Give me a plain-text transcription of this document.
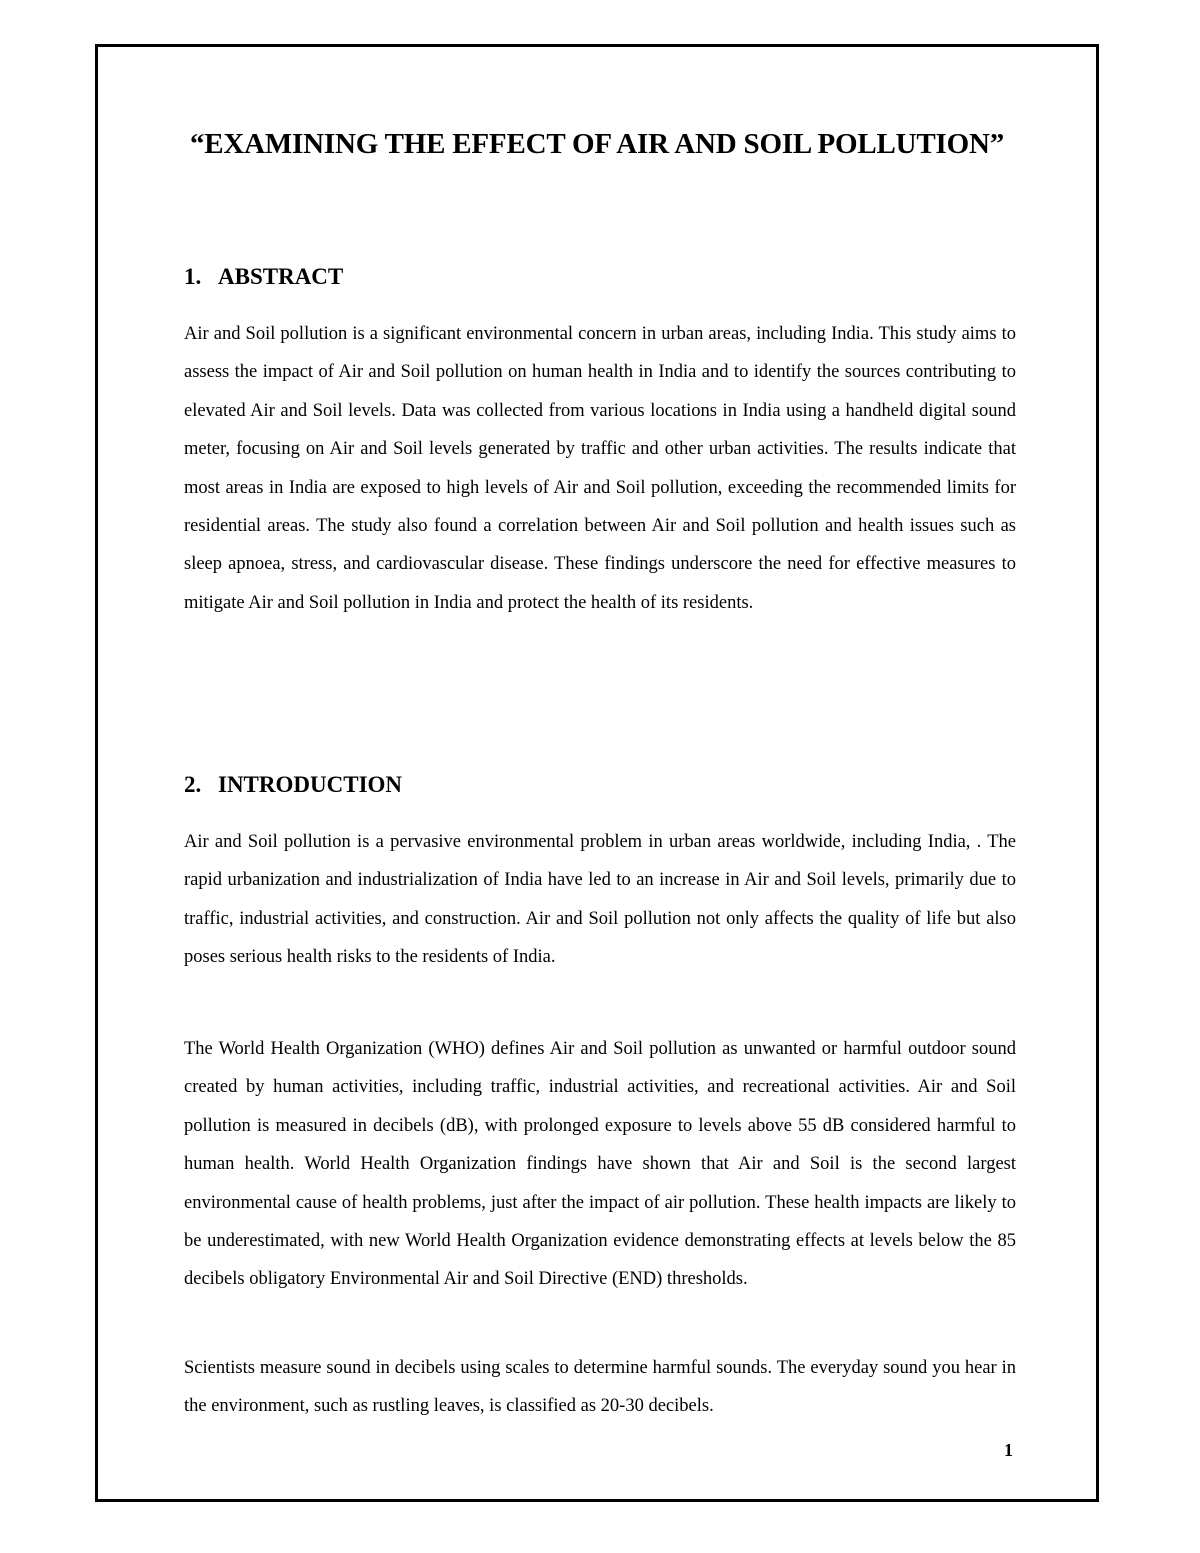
“EXAMINING THE EFFECT OF AIR AND SOIL POLLUTION”
1. ABSTRACT

Air and Soil pollution is a significant environmental concern in urban areas, including India. This study aims to assess the impact of Air and Soil pollution on human health in India and to identify the sources contributing to elevated Air and Soil levels. Data was collected from various locations in India using a handheld digital sound meter, focusing on Air and Soil levels generated by traffic and other urban activities. The results indicate that most areas in India are exposed to high levels of Air and Soil pollution, exceeding the recommended limits for residential areas. The study also found a correlation between Air and Soil pollution and health issues such as sleep apnoea, stress, and cardiovascular disease. These findings underscore the need for effective measures to mitigate Air and Soil pollution in India and protect the health of its residents.

2. INTRODUCTION

Air and Soil pollution is a pervasive environmental problem in urban areas worldwide, including India, . The rapid urbanization and industrialization of India have led to an increase in Air and Soil levels, primarily due to traffic, industrial activities, and construction. Air and Soil pollution not only affects the quality of life but also poses serious health risks to the residents of India.

The World Health Organization (WHO) defines Air and Soil pollution as unwanted or harmful outdoor sound created by human activities, including traffic, industrial activities, and recreational activities. Air and Soil pollution is measured in decibels (dB), with prolonged exposure to levels above 55 dB considered harmful to human health. World Health Organization findings have shown that Air and Soil is the second largest environmental cause of health problems, just after the impact of air pollution. These health impacts are likely to be underestimated, with new World Health Organization evidence demonstrating effects at levels below the 85 decibels obligatory Environmental Air and Soil Directive (END) thresholds.

Scientists measure sound in decibels using scales to determine harmful sounds. The everyday sound you hear in the environment, such as rustling leaves, is classified as 20-30 decibels.

1
